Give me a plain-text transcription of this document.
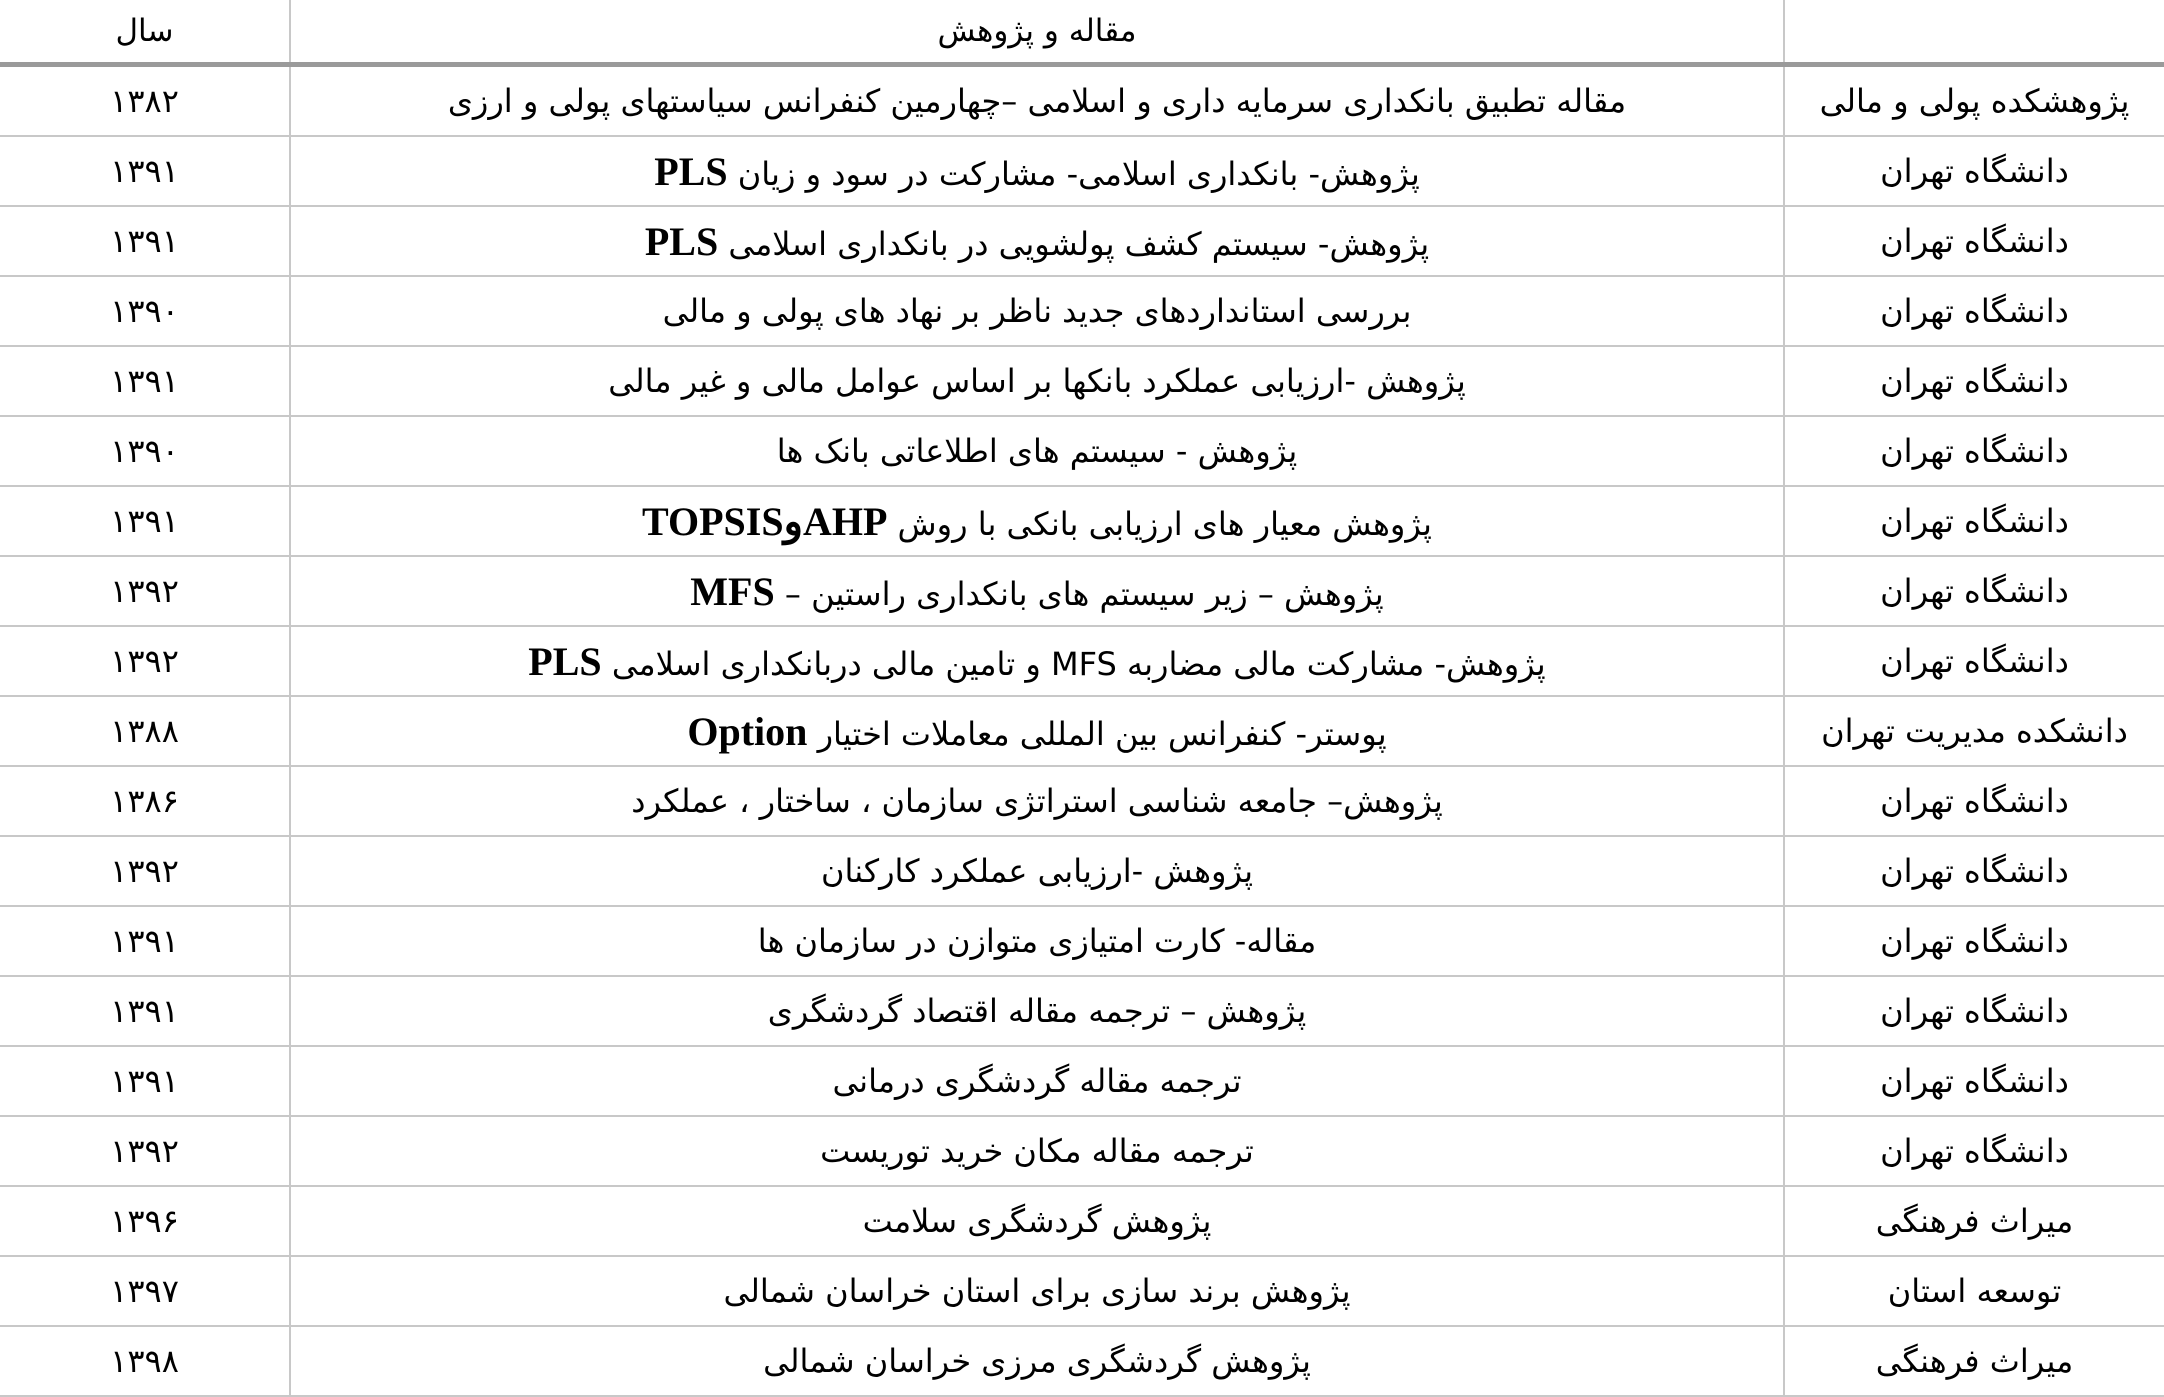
سال	مقاله و پژوهش	
۱۳۸۲	مقاله تطبیق بانکداری سرمایه داری و اسلامی –چهارمین کنفرانس سیاستهای پولی و ارزی	پژوهشکده پولی و مالی
۱۳۹۱	پژوهش- بانکداری اسلامی- مشارکت در سود و زیان PLS	دانشگاه تهران
۱۳۹۱	پژوهش- سیستم کشف پولشویی در بانکداری اسلامی PLS	دانشگاه تهران
۱۳۹۰	بررسی استانداردهای جدید ناظر بر نهاد های پولی و مالی	دانشگاه تهران
۱۳۹۱	پژوهش -ارزیابی عملکرد بانکها بر اساس عوامل مالی و غیر مالی	دانشگاه تهران
۱۳۹۰	پژوهش - سیستم های اطلاعاتی بانک ها	دانشگاه تهران
۱۳۹۱	پژوهش معیار های ارزیابی بانکی با روش AHPوTOPSIS	دانشگاه تهران
۱۳۹۲	پژوهش – زیر سیستم های بانکداری راستین – MFS	دانشگاه تهران
۱۳۹۲	پژوهش- مشارکت مالی مضاربه MFS و تامین مالی دربانکداری اسلامی PLS	دانشگاه تهران
۱۳۸۸	پوستر- کنفرانس بین المللی معاملات اختیار Option	دانشکده مدیریت تهران
۱۳۸۶	پژوهش– جامعه شناسی استراتژی سازمان ، ساختار ، عملکرد	دانشگاه تهران
۱۳۹۲	پژوهش -ارزیابی عملکرد کارکنان	دانشگاه تهران
۱۳۹۱	مقاله- کارت امتیازی متوازن در سازمان ها	دانشگاه تهران
۱۳۹۱	پژوهش – ترجمه مقاله اقتصاد گردشگری	دانشگاه تهران
۱۳۹۱	ترجمه مقاله گردشگری درمانی	دانشگاه تهران
۱۳۹۲	ترجمه مقاله مکان خرید توریست	دانشگاه تهران
۱۳۹۶	پژوهش گردشگری سلامت	میراث فرهنگی
۱۳۹۷	پژوهش برند سازی برای استان خراسان شمالی	توسعه استان
۱۳۹۸	پژوهش گردشگری مرزی خراسان شمالی	میراث فرهنگی
